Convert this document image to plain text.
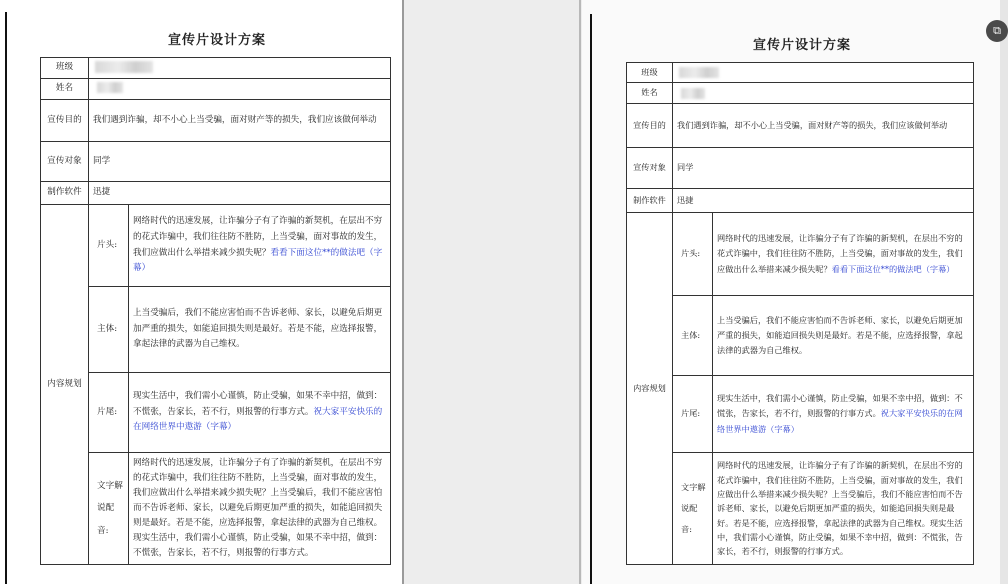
宣传片设计方案
班级		
姓名		
宣传目的	我们遇到诈骗，却不小心上当受骗，面对财产等的损失，我们应该做何举动	

宣传对象	同学	
制作软件	迅捷	
内容规划	片头:	网络时代的迅速发展，让诈骗分子有了诈骗的新契机，在层出不穷的花式诈骗中，我们往往防不胜防，上当受骗，面对事故的发生，我们应做出什么举措来减少损失呢？看看下面这位**的做法吧（字幕）
	主体:	上当受骗后，我们不能应害怕而不告诉老师、家长，以避免后期更加严重的损失，如能追回损失则是最好。若是不能，应选择报警，拿起法律的武器为自己维权。
	片尾:	现实生活中，我们需小心谨慎，防止受骗，如果不幸中招，做到：不慌张，告家长，若不行，则报警的行事方式。祝大家平安快乐的在网络世界中遨游（字幕）
	文字解
说配音:	网络时代的迅速发展，让诈骗分子有了诈骗的新契机，在层出不穷的花式诈骗中，我们往往防不胜防，上当受骗，面对事故的发生，我们应做出什么举措来减少损失呢？上当受骗后，我们不能应害怕而不告诉老师、家长，以避免后期更加严重的损失，如能追回损失则是最好。若是不能，应选择报警，拿起法律的武器为自己维权。现实生活中，我们需小心谨慎，防止受骗，如果不幸中招，做到：不慌张，告家长，若不行，则报警的行事方式。
宣传片设计方案
班级		
姓名		
宣传目的	我们遇到诈骗，却不小心上当受骗，面对财产等的损失，我们应该做何举动	

宣传对象	同学	
制作软件	迅捷	
内容规划	片头:	网络时代的迅速发展，让诈骗分子有了诈骗的新契机，在层出不穷的花式诈骗中，我们往往防不胜防，上当受骗，面对事故的发生，我们应做出什么举措来减少损失呢？看看下面这位**的做法吧（字幕）
	主体:	上当受骗后，我们不能应害怕而不告诉老师、家长，以避免后期更加严重的损失，如能追回损失则是最好。若是不能，应选择报警，拿起法律的武器为自己维权。
	片尾:	现实生活中，我们需小心谨慎，防止受骗，如果不幸中招，做到：不慌张，告家长，若不行，则报警的行事方式。祝大家平安快乐的在网络世界中遨游（字幕）
	文字解
说配音:	网络时代的迅速发展，让诈骗分子有了诈骗的新契机，在层出不穷的花式诈骗中，我们往往防不胜防，上当受骗，面对事故的发生，我们应做出什么举措来减少损失呢？上当受骗后，我们不能应害怕而不告诉老师、家长，以避免后期更加严重的损失，如能追回损失则是最好。若是不能，应选择报警，拿起法律的武器为自己维权。现实生活中，我们需小心谨慎，防止受骗，如果不幸中招，做到：不慌张，告家长，若不行，则报警的行事方式。
⧉
